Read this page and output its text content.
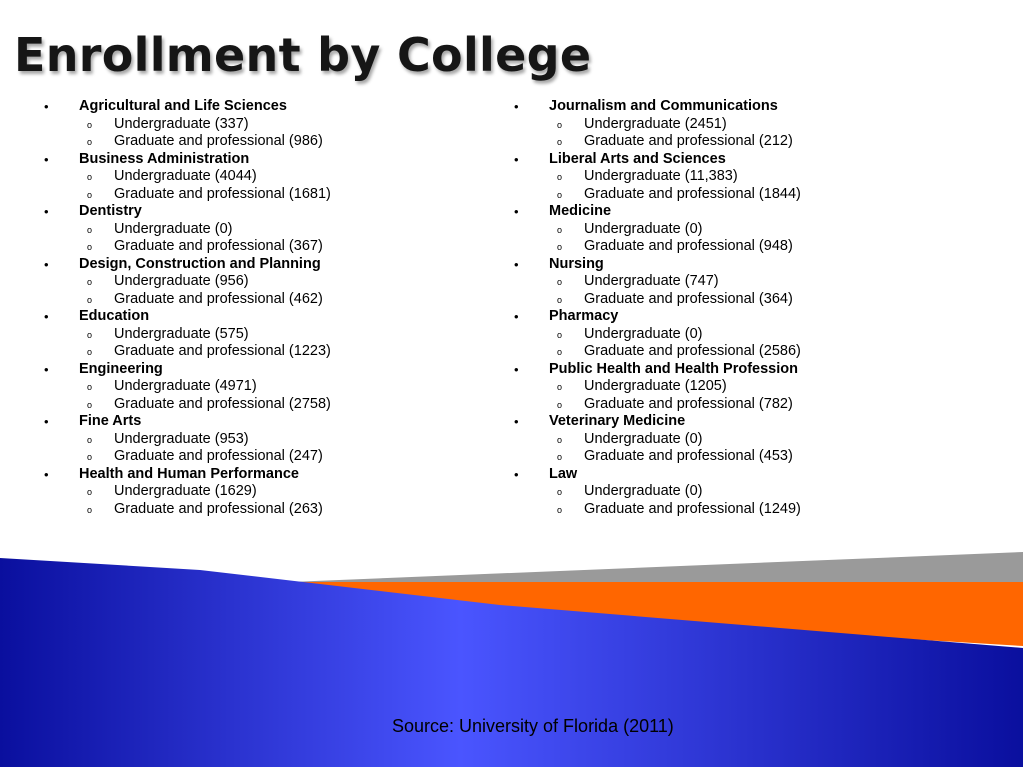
Enrollment by College
• Agricultural and Life Sciences
o Undergraduate (337)
o Graduate and professional (986)
• Business Administration
o Undergraduate (4044)
o Graduate and professional (1681)
• Dentistry
o Undergraduate (0)
o Graduate and professional (367)
• Design, Construction and Planning
o Undergraduate (956)
o Graduate and professional (462)
• Education
o Undergraduate (575)
o Graduate and professional (1223)
• Engineering
o Undergraduate (4971)
o Graduate and professional (2758)
• Fine Arts
o Undergraduate (953)
o Graduate and professional (247)
• Health and Human Performance
o Undergraduate (1629)
o Graduate and professional (263)
• Journalism and Communications
o Undergraduate (2451)
o Graduate and professional (212)
• Liberal Arts and Sciences
o Undergraduate (11,383)
o Graduate and professional (1844)
• Medicine
o Undergraduate (0)
o Graduate and professional (948)
• Nursing
o Undergraduate (747)
o Graduate and professional (364)
• Pharmacy
o Undergraduate (0)
o Graduate and professional (2586)
• Public Health and Health Profession
o Undergraduate (1205)
o Graduate and professional (782)
• Veterinary Medicine
o Undergraduate (0)
o Graduate and professional (453)
• Law
o Undergraduate (0)
o Graduate and professional (1249)
Source: University of Florida (2011)
